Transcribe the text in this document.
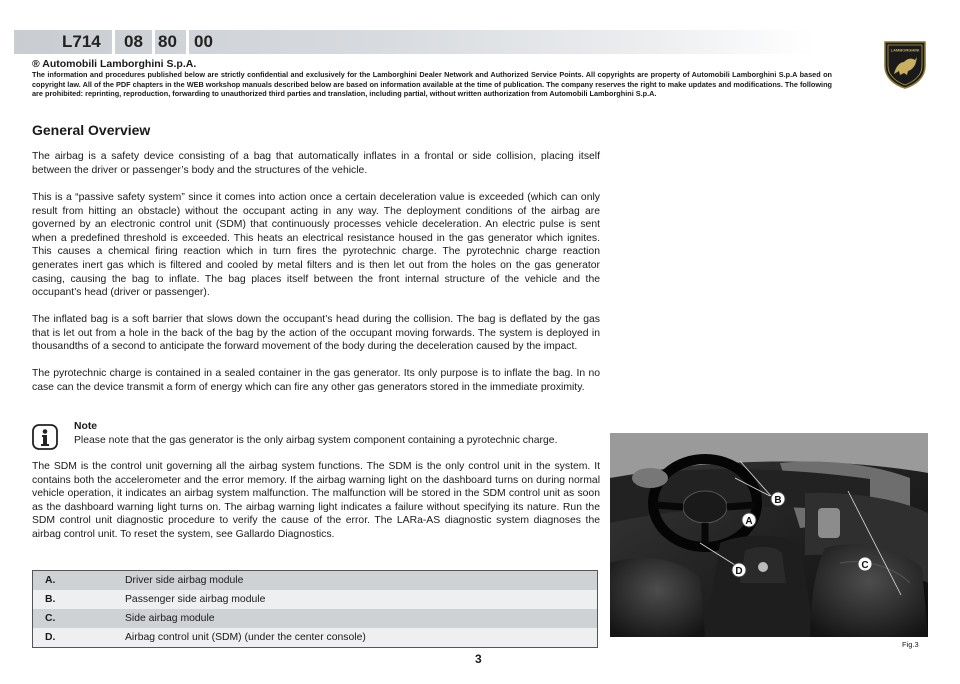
L714 08 80 00	LAMBORGHINI
® Automobili Lamborghini S.p.A.
The information and procedures published below are strictly confidential and exclusively for the Lamborghini Dealer Network and Authorized Service Points. All copyrights are property of Automobili Lamborghini S.p.A based on copyright law. All of the PDF chapters in the WEB workshop manuals described below are based on information available at the time of publication. The company reserves the right to make updates and modifications. The following are prohibited: reprinting, reproduction, forwarding to unauthorized third parties and translation, including partial, without written authorization from Automobili Lamborghini S.p.A.
General Overview

The airbag is a safety device consisting of a bag that automatically inflates in a frontal or side collision, placing itself between the driver or passenger’s body and the structures of the vehicle.

This is a “passive safety system” since it comes into action once a certain deceleration value is exceeded (which can only result from hitting an obstacle) without the occupant acting in any way. The deployment conditions of the airbag are governed by an electronic control unit (SDM) that continuously processes vehicle deceleration. An electric pulse is sent when a predefined threshold is exceeded. This heats an electrical resistance housed in the gas generator which ignites. This causes a chemical firing reaction which in turn fires the pyrotechnic charge. The pyrotechnic charge reaction generates inert gas which is filtered and cooled by metal filters and is then let out from the holes on the gas generator casing, causing the bag to inflate. The bag places itself between the front internal structure of the vehicle and the occupant’s head (driver or passenger).

The inflated bag is a soft barrier that slows down the occupant’s head during the collision. The bag is deflated by the gas that is let out from a hole in the back of the bag by the action of the occupant moving forwards. The system is deployed in thousandths of a second to anticipate the forward movement of the body during the deceleration caused by the impact.

The pyrotechnic charge is contained in a sealed container in the gas generator. Its only purpose is to inflate the bag. In no case can the device transmit a form of energy which can fire any other gas generators stored in the immediate proximity.

Note
Please note that the gas generator is the only airbag system component containing a pyrotechnic charge.

The SDM is the control unit governing all the airbag system functions. The SDM is the only control unit in the system. It contains both the accelerometer and the error memory. If the airbag warning light on the dashboard turns on during normal vehicle operation, it indicates an airbag system malfunction. The malfunction will be stored in the SDM control unit as soon as the dashboard warning light turns on. The airbag warning light indicates a failure without specifying its nature. Run the SDM control unit diagnostic procedure to verify the cause of the error. The LARa-AS diagnostic system diagnoses the airbag control unit. To reset the system, see Gallardo Diagnostics.

A.	Driver side airbag module
B.	Passenger side airbag module
C.	Side airbag module
D.	Airbag control unit (SDM) (under the center console)
A
B
C
D
Fig.3
3
